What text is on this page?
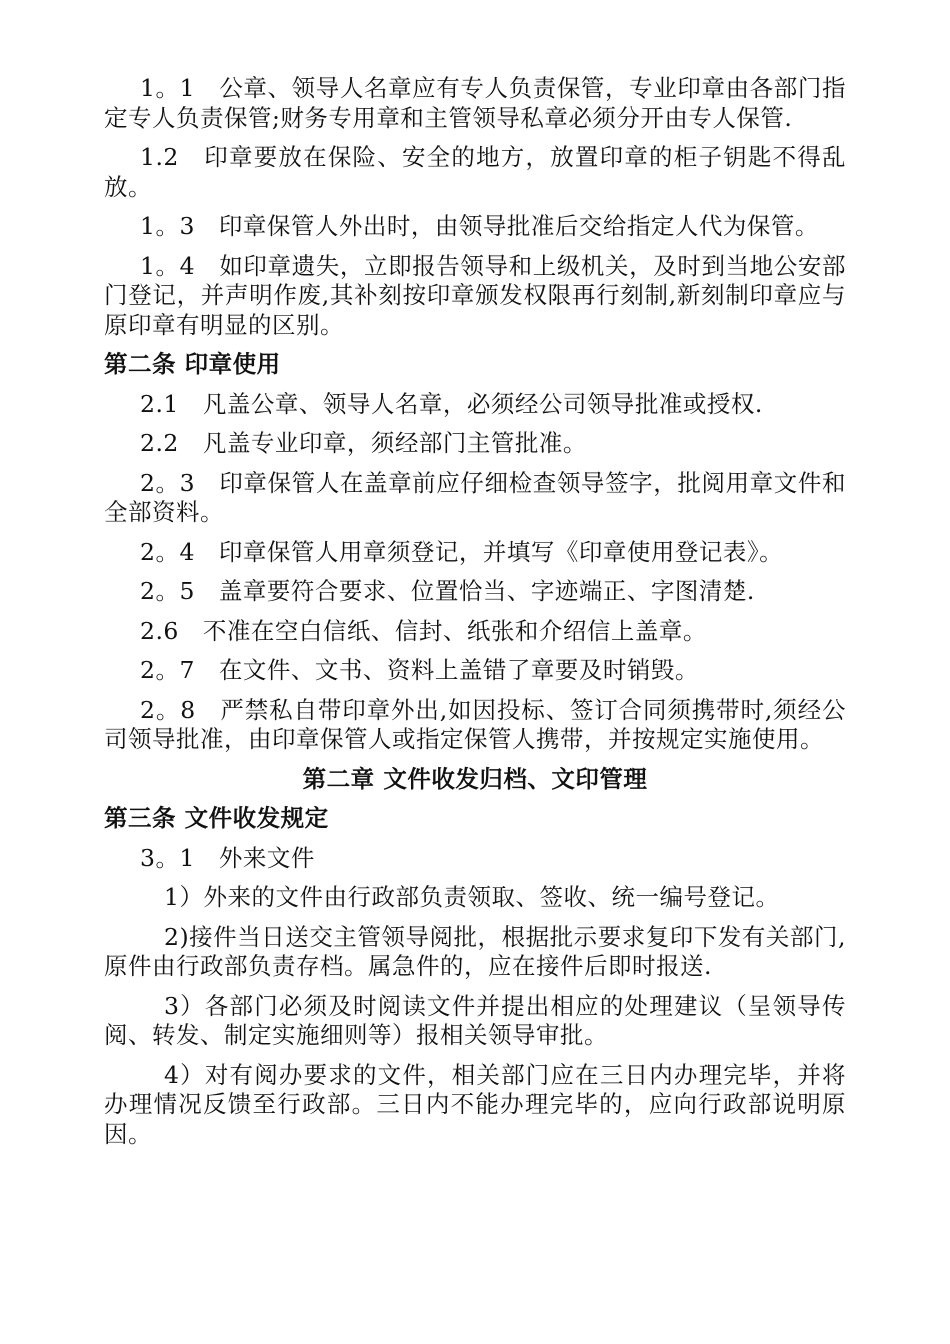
1。1　公章、领导人名章应有专人负责保管，专业印章由各部门指定专人负责保管;财务专用章和主管领导私章必须分开由专人保管.

1.2　印章要放在保险、安全的地方，放置印章的柜子钥匙不得乱放。

1。3　印章保管人外出时，由领导批准后交给指定人代为保管。

1。4　如印章遗失，立即报告领导和上级机关，及时到当地公安部门登记，并声明作废,其补刻按印章颁发权限再行刻制,新刻制印章应与原印章有明显的区别。

第二条 印章使用

2.1　凡盖公章、领导人名章，必须经公司领导批准或授权.

2.2　凡盖专业印章，须经部门主管批准。

2。3　印章保管人在盖章前应仔细检查领导签字，批阅用章文件和全部资料。

2。4　印章保管人用章须登记，并填写《印章使用登记表》。

2。5　盖章要符合要求、位置恰当、字迹端正、字图清楚.

2.6　不准在空白信纸、信封、纸张和介绍信上盖章。

2。7　在文件、文书、资料上盖错了章要及时销毁。

2。8　严禁私自带印章外出,如因投标、签订合同须携带时,须经公司领导批准，由印章保管人或指定保管人携带，并按规定实施使用。

第二章 文件收发归档、文印管理

第三条 文件收发规定

3。1　外来文件

1）外来的文件由行政部负责领取、签收、统一编号登记。

2)接件当日送交主管领导阅批，根据批示要求复印下发有关部门,原件由行政部负责存档。属急件的，应在接件后即时报送.

3）各部门必须及时阅读文件并提出相应的处理建议（呈领导传阅、转发、制定实施细则等）报相关领导审批。

4）对有阅办要求的文件，相关部门应在三日内办理完毕，并将办理情况反馈至行政部。三日内不能办理完毕的，应向行政部说明原因。
